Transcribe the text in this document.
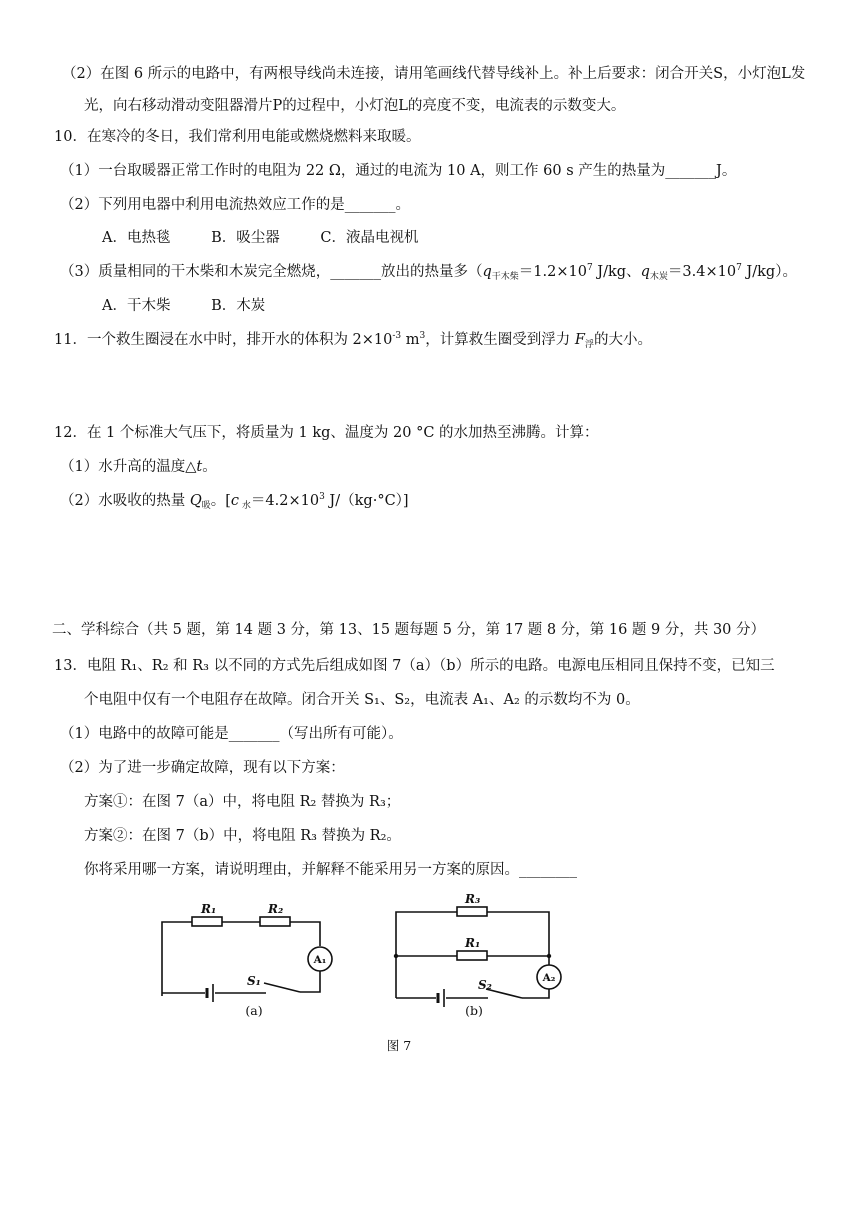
（2）在图 6 所示的电路中，有两根导线尚未连接，请用笔画线代替导线补上。补上后要求：闭合开关S，小灯泡L发
光，向右移动滑动变阻器滑片P的过程中，小灯泡L的亮度不变，电流表的示数变大。
10．在寒冷的冬日，我们常利用电能或燃烧燃料来取暖。
（1）一台取暖器正常工作时的电阻为 22 Ω，通过的电流为 10 A，则工作 60 s 产生的热量为_______J。
（2）下列用电器中利用电流热效应工作的是_______。
A．电热毯	B．吸尘器	C．液晶电视机
（3）质量相同的干木柴和木炭完全燃烧，_______放出的热量多（$q_{干木柴}=1.2\times 10^7$ J/kg、$q_{木炭}=3.4\times 10^7$ J/kg）。
A．干木柴	B．木炭
11．一个救生圈浸在水中时，排开水的体积为 $2\times 10^{-3}$ $m^3$，计算救生圈受到浮力 $F_浮$的大小。
12．在 1 个标准大气压下，将质量为 1 kg、温度为 20 °C 的水加热至沸腾。计算：
（1）水升高的温度△t。
（2）水吸收的热量 $Q_吸$。[c $_水=4.2\times 10^3$ J/（kg·°C）]
二、学科综合（共 5 题，第 14 题 3 分，第 13、15 题每题 5 分，第 17 题 8 分，第 16 题 9 分，共 30 分）
13．电阻 R₁、R₂ 和 R₃ 以不同的方式先后组成如图 7（a）（b）所示的电路。电源电压相同且保持不变，已知三
个电阻中仅有一个电阻存在故障。闭合开关 S₁、S₂，电流表 A₁、A₂ 的示数均不为 0。
（1）电路中的故障可能是_______（写出所有可能）。
（2）为了进一步确定故障，现有以下方案：
方案①：在图 7（a）中，将电阻 R₂ 替换为 R₃；
方案②：在图 7（b）中，将电阻 R₃ 替换为 R₂。
你将采用哪一方案，请说明理由，并解释不能采用另一方案的原因。________
R₁	R₂
S₁
R₃
R₁
S₂
A₁
A₂
(a)	(b)
图 7
